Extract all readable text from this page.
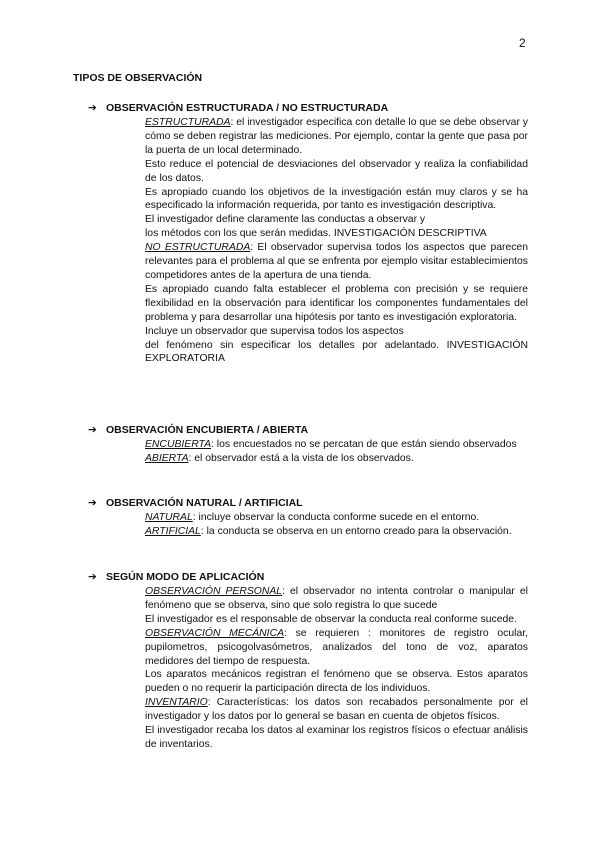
2
TIPOS DE OBSERVACIÓN
➔ OBSERVACIÓN ESTRUCTURADA / NO ESTRUCTURADA

ESTRUCTURADA: el investigador especifica con detalle lo que se debe observar y cómo se deben registrar las mediciones. Por ejemplo, contar la gente que pasa por la puerta de un local determinado.

Esto reduce el potencial de desviaciones del observador y realiza la confiabilidad de los datos.

Es apropiado cuando los objetivos de la investigación están muy claros y se ha especificado la información requerida, por tanto es investigación descriptiva.

El investigador define claramente las conductas a observar y

los métodos con los que serán medidas. INVESTIGACIÓN DESCRIPTIVA

NO ESTRUCTURADA: El observador supervisa todos los aspectos que parecen relevantes para el problema al que se enfrenta por ejemplo visitar establecimientos competidores antes de la apertura de una tienda.

Es apropiado cuando falta establecer el problema con precisión y se requiere flexibilidad en la observación para identificar los componentes fundamentales del problema y para desarrollar una hipótesis por tanto es investigación exploratoria.

Incluye un observador que supervisa todos los aspectos

del fenómeno sin especificar los detalles por adelantado. INVESTIGACIÓN EXPLORATORIA

➔ OBSERVACIÓN ENCUBIERTA / ABIERTA

ENCUBIERTA: los encuestados no se percatan de que están siendo observados

ABIERTA: el observador está a la vista de los observados.

➔ OBSERVACIÓN NATURAL / ARTIFICIAL

NATURAL: incluye observar la conducta conforme sucede en el entorno.

ARTIFICIAL: la conducta se observa en un entorno creado para la observación.

➔ SEGÚN MODO DE APLICACIÓN

OBSERVACIÓN PERSONAL: el observador no intenta controlar o manipular el fenómeno que se observa, sino que solo registra lo que sucede

El investigador es el responsable de observar la conducta real conforme sucede.

OBSERVACIÓN MECÁNICA: se requieren : monitores de registro ocular, pupilometros, psicogolvasómetros, analizados del tono de voz, aparatos medidores del tiempo de respuesta.

Los aparatos mecánicos registran el fenómeno que se observa. Estos aparatos pueden o no requerir la participación directa de los individuos.

INVENTARIO: Características: los datos son recabados personalmente por el investigador y los datos por lo general se basan en cuenta de objetos físicos.

El investigador recaba los datos al examinar los registros físicos o efectuar análisis de inventarios.
